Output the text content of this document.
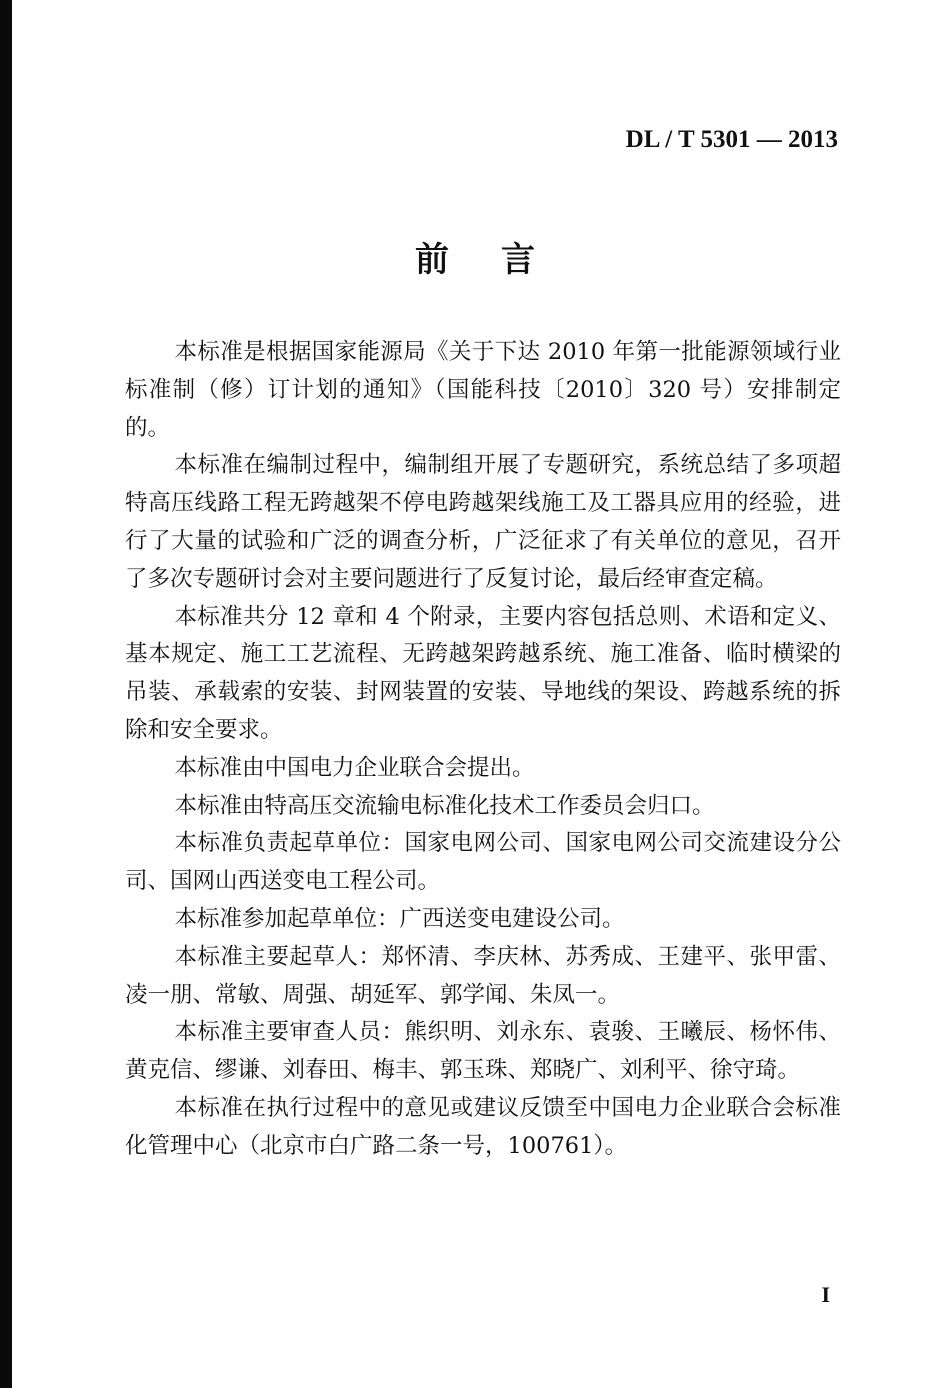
DL / T 5301 — 2013
前言

本标准是根据国家能源局《关于下达 2010 年第一批能源领域行业标准制（修）订计划的通知》（国能科技〔2010〕320 号）安排制定的。

本标准在编制过程中，编制组开展了专题研究，系统总结了多项超特高压线路工程无跨越架不停电跨越架线施工及工器具应用的经验，进行了大量的试验和广泛的调查分析，广泛征求了有关单位的意见，召开了多次专题研讨会对主要问题进行了反复讨论，最后经审查定稿。

本标准共分 12 章和 4 个附录，主要内容包括总则、术语和定义、基本规定、施工工艺流程、无跨越架跨越系统、施工准备、临时横梁的吊装、承载索的安装、封网装置的安装、导地线的架设、跨越系统的拆除和安全要求。

本标准由中国电力企业联合会提出。

本标准由特高压交流输电标准化技术工作委员会归口。

本标准负责起草单位：国家电网公司、国家电网公司交流建设分公司、国网山西送变电工程公司。

本标准参加起草单位：广西送变电建设公司。

本标准主要起草人：郑怀清、李庆林、苏秀成、王建平、张甲雷、凌一朋、常敏、周强、胡延军、郭学闻、朱凤一。

本标准主要审查人员：熊织明、刘永东、袁骏、王曦辰、杨怀伟、黄克信、缪谦、刘春田、梅丰、郭玉珠、郑晓广、刘利平、徐守琦。

本标准在执行过程中的意见或建议反馈至中国电力企业联合会标准化管理中心（北京市白广路二条一号，100761）。

I
